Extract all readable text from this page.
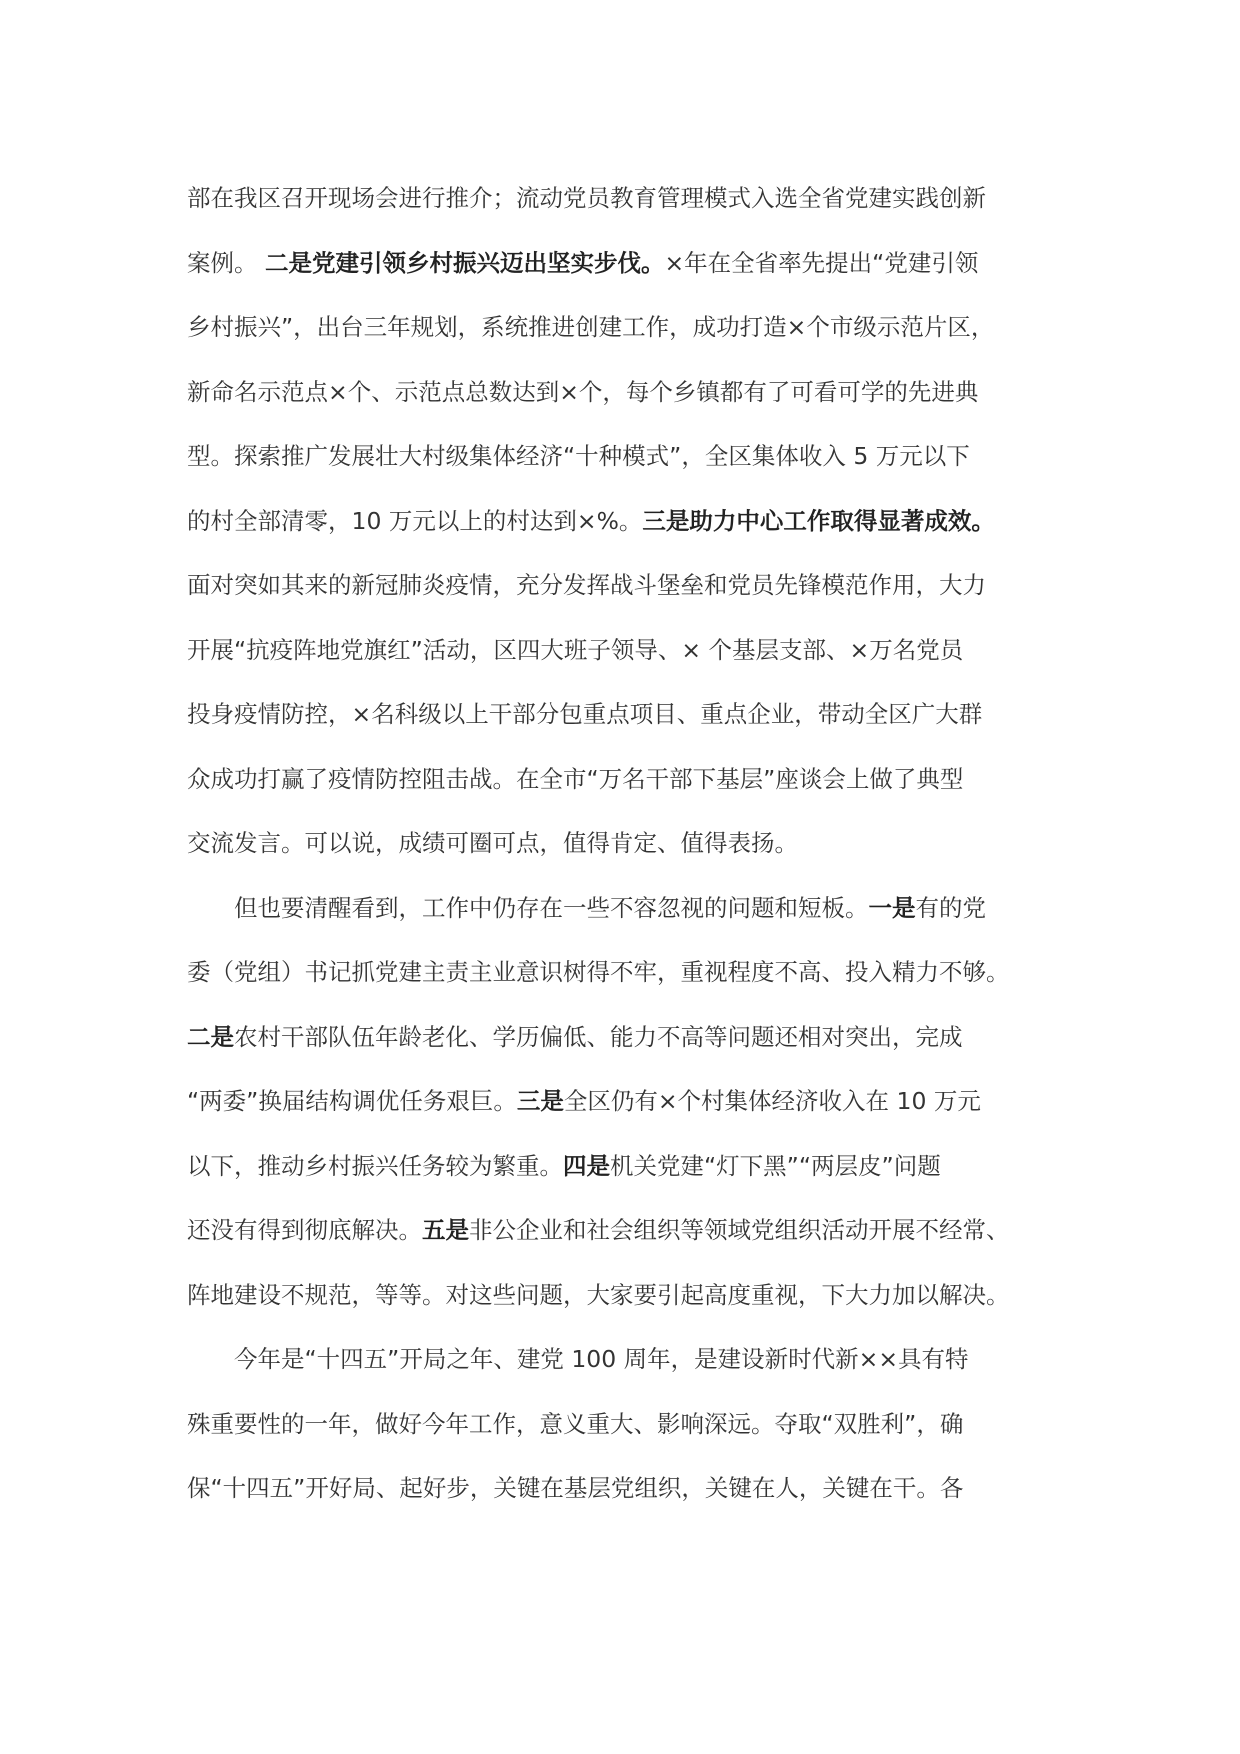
部在我区召开现场会进行推介；流动党员教育管理模式入选全省党建实践创新
案例。 二是党建引领乡村振兴迈出坚实步伐。×年在全省率先提出“党建引领
乡村振兴”，出台三年规划，系统推进创建工作，成功打造×个市级示范片区，
新命名示范点×个、示范点总数达到×个，每个乡镇都有了可看可学的先进典
型。探索推广发展壮大村级集体经济“十种模式”，全区集体收入 5 万元以下
的村全部清零，10 万元以上的村达到×%。三是助力中心工作取得显著成效。
面对突如其来的新冠肺炎疫情，充分发挥战斗堡垒和党员先锋模范作用，大力
开展“抗疫阵地党旗红”活动，区四大班子领导、× 个基层支部、×万名党员
投身疫情防控，×名科级以上干部分包重点项目、重点企业，带动全区广大群
众成功打赢了疫情防控阻击战。在全市“万名干部下基层”座谈会上做了典型
交流发言。可以说，成绩可圈可点，值得肯定、值得表扬。
但也要清醒看到，工作中仍存在一些不容忽视的问题和短板。一是有的党
委（党组）书记抓党建主责主业意识树得不牢，重视程度不高、投入精力不够。
二是农村干部队伍年龄老化、学历偏低、能力不高等问题还相对突出，完成
“两委”换届结构调优任务艰巨。三是全区仍有×个村集体经济收入在 10 万元
以下，推动乡村振兴任务较为繁重。四是机关党建“灯下黑”“两层皮”问题
还没有得到彻底解决。五是非公企业和社会组织等领域党组织活动开展不经常、
阵地建设不规范，等等。对这些问题，大家要引起高度重视，下大力加以解决。
今年是“十四五”开局之年、建党 100 周年，是建设新时代新××具有特
殊重要性的一年，做好今年工作，意义重大、影响深远。夺取“双胜利”，确
保“十四五”开好局、起好步，关键在基层党组织，关键在人，关键在干。各
